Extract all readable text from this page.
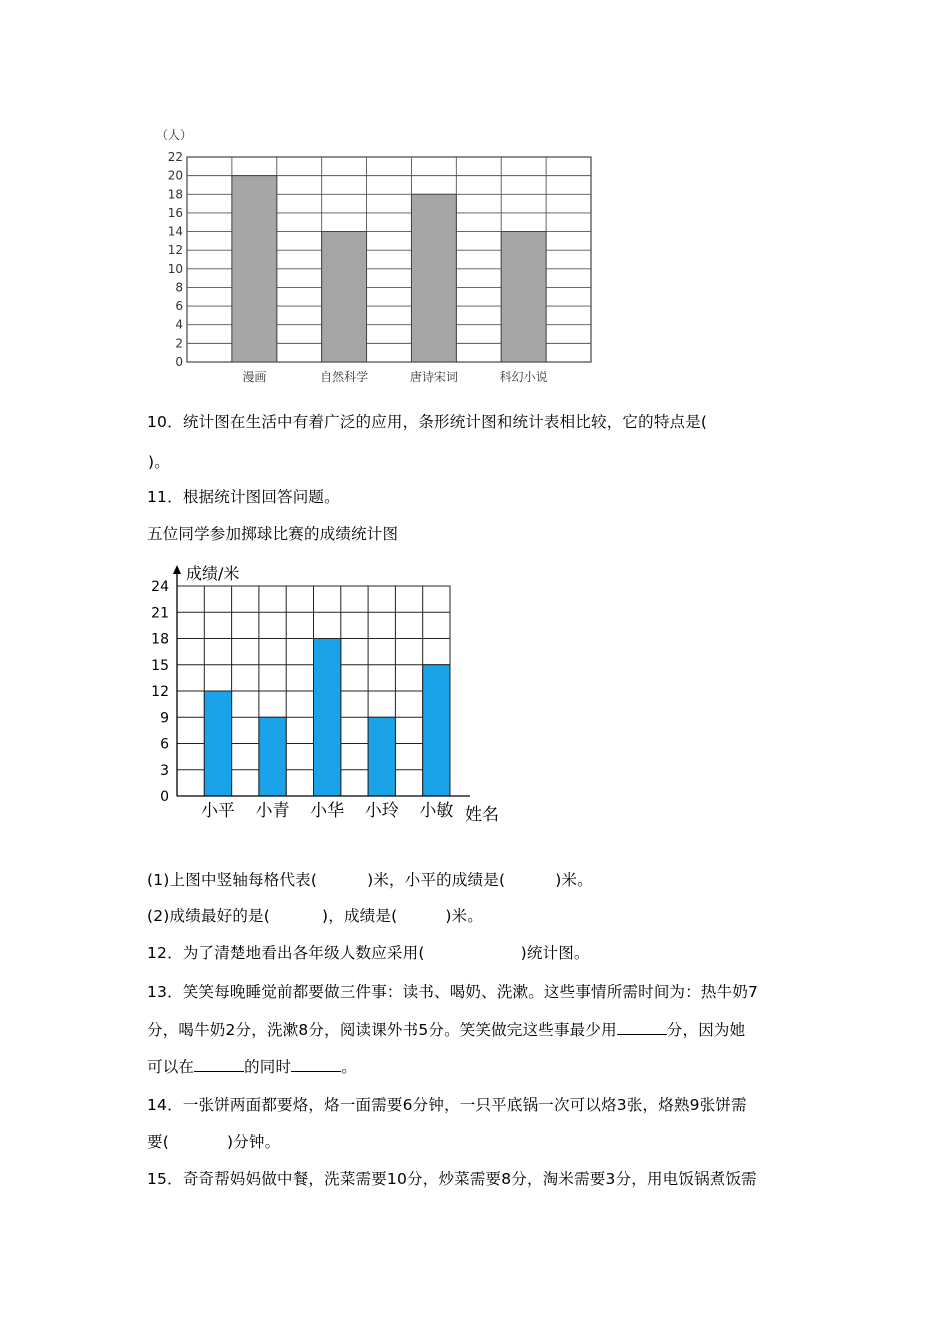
（人）
0
2
4
6
8
10
12
14
16
18
20
22
漫画	自然科学	唐诗宋词	科幻小说
10．统计图在生活中有着广泛的应用，条形统计图和统计表相比较，它的特点是(
)。
11．根据统计图回答问题。
五位同学参加掷球比赛的成绩统计图
成绩/米
姓名
0
3
6
9
12
15
18
21
24
小平 小青 小华 小玲 小敏
(1)上图中竖轴每格代表(	)米，小平的成绩是(	)米。
(2)成绩最好的是(	)，成绩是(	)米。
12．为了清楚地看出各年级人数应采用(	)统计图。
13．笑笑每晚睡觉前都要做三件事：读书、喝奶、洗漱。这些事情所需时间为：热牛奶7
分，喝牛奶2分，洗漱8分，阅读课外书5分。笑笑做完这些事最少用	分，因为她
可以在	的同时	。
14．一张饼两面都要烙，烙一面需要6分钟，一只平底锅一次可以烙3张，烙熟9张饼需
要(	)分钟。
15．奇奇帮妈妈做中餐，洗菜需要10分，炒菜需要8分，淘米需要3分，用电饭锅煮饭需
